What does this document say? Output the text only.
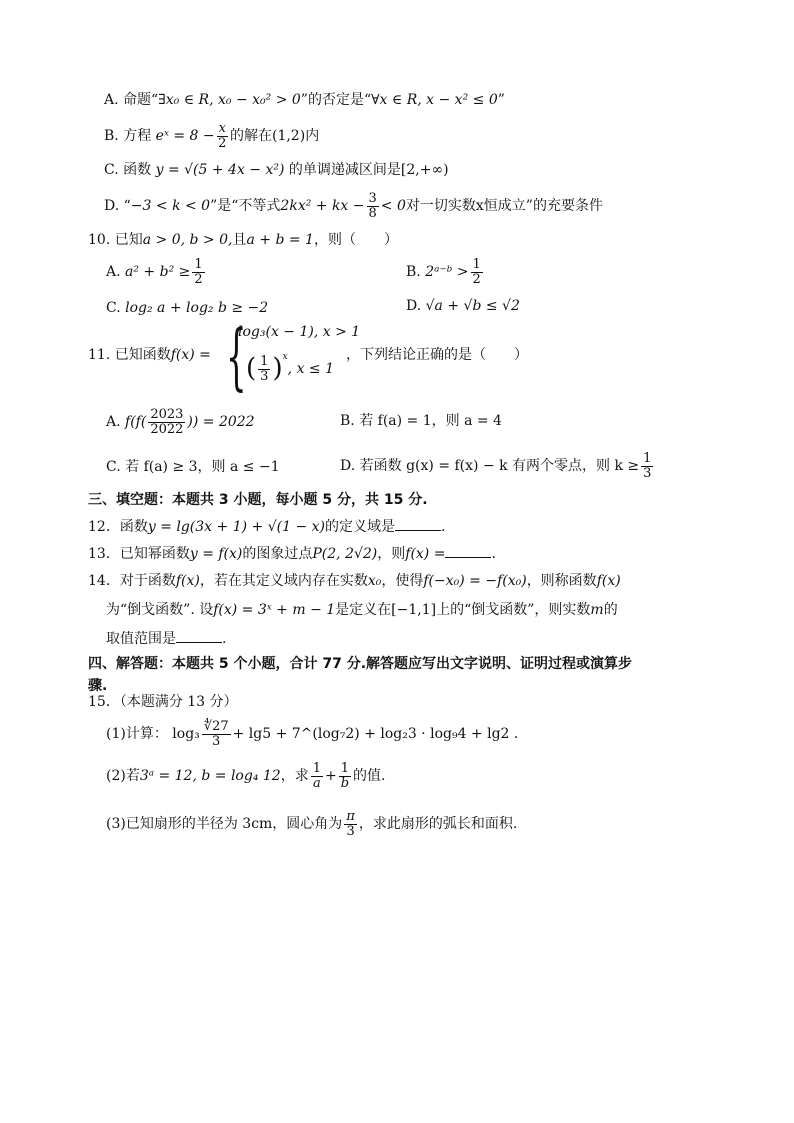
A. 命题“∃x₀ ∈ R, x₀ − x₀² > 0”的否定是“∀x ∈ R, x − x² ≤ 0”
B. 方程 eˣ = $8 - \frac{x}{2}$ 的解在(1,2)内
C. 函数 y = √(5 + 4x − x²) 的单调递减区间是[2,+∞)
D. “−3 < k < 0”是“不等式2kx² + kx − $\frac{3}{8} < 0$对一切实数x恒成立”的充要条件
10. 已知a > 0, b > 0,且a + b = 1，则（　　）
A. $a^2 + b^2 \ge \frac{1}{2}$	B. 2ᵃ⁻ᵇ > $\frac{1}{2}$
C. log₂ a + log₂ b ≥ −2	D. √a + √b ≤ √2
11. 已知函数f(x) = {
log₃(x − 1), x > 1
( $\frac{1}{3} )^x$, x ≤ 1
，下列结论正确的是（　　）
A. $f(f( \frac{2023}{2022}$ )) = 2022	B. 若 f(a) = 1，则 a = 4
C. 若 f(a) ≥ 3，则 a ≤ −1	D. 若函数 g(x) = f(x) − k 有两个零点，则 $k \ge \frac{1}{3}$
三、填空题：本题共 3 小题，每小题 5 分，共 15 分.
12．函数y = lg(3x + 1) + √(1 − x)的定义域是	.
13．已知幂函数y = f(x)的图象过点P(2, 2√2)，则f(x) =	.
14．对于函数f(x)，若在其定义域内存在实数x₀，使得f(−x₀) = −f(x₀)，则称函数f(x)
为“倒戈函数”. 设f(x) = 3ˣ + m − 1是定义在[−1,1]上的“倒戈函数”，则实数m的
取值范围是	.
四、解答题：本题共 5 个小题，合计 77 分.解答题应写出文字说明、证明过程或演算步
骤.
15．（本题满分 13 分）
(1)计算： $\log_3 \frac{∜27}{3} + \lg 5$ + 7^(log₇2) + log₂3 · log₉4 + lg2 .
(2)若3ᵃ = 12, b = log₄ 12，求 $\frac{1}{a} + \frac{1}{b}$ 的值.
(3)已知扇形的半径为 3cm，圆心角为 $\frac{\pi}{3}$ ，求此扇形的弧长和面积.
